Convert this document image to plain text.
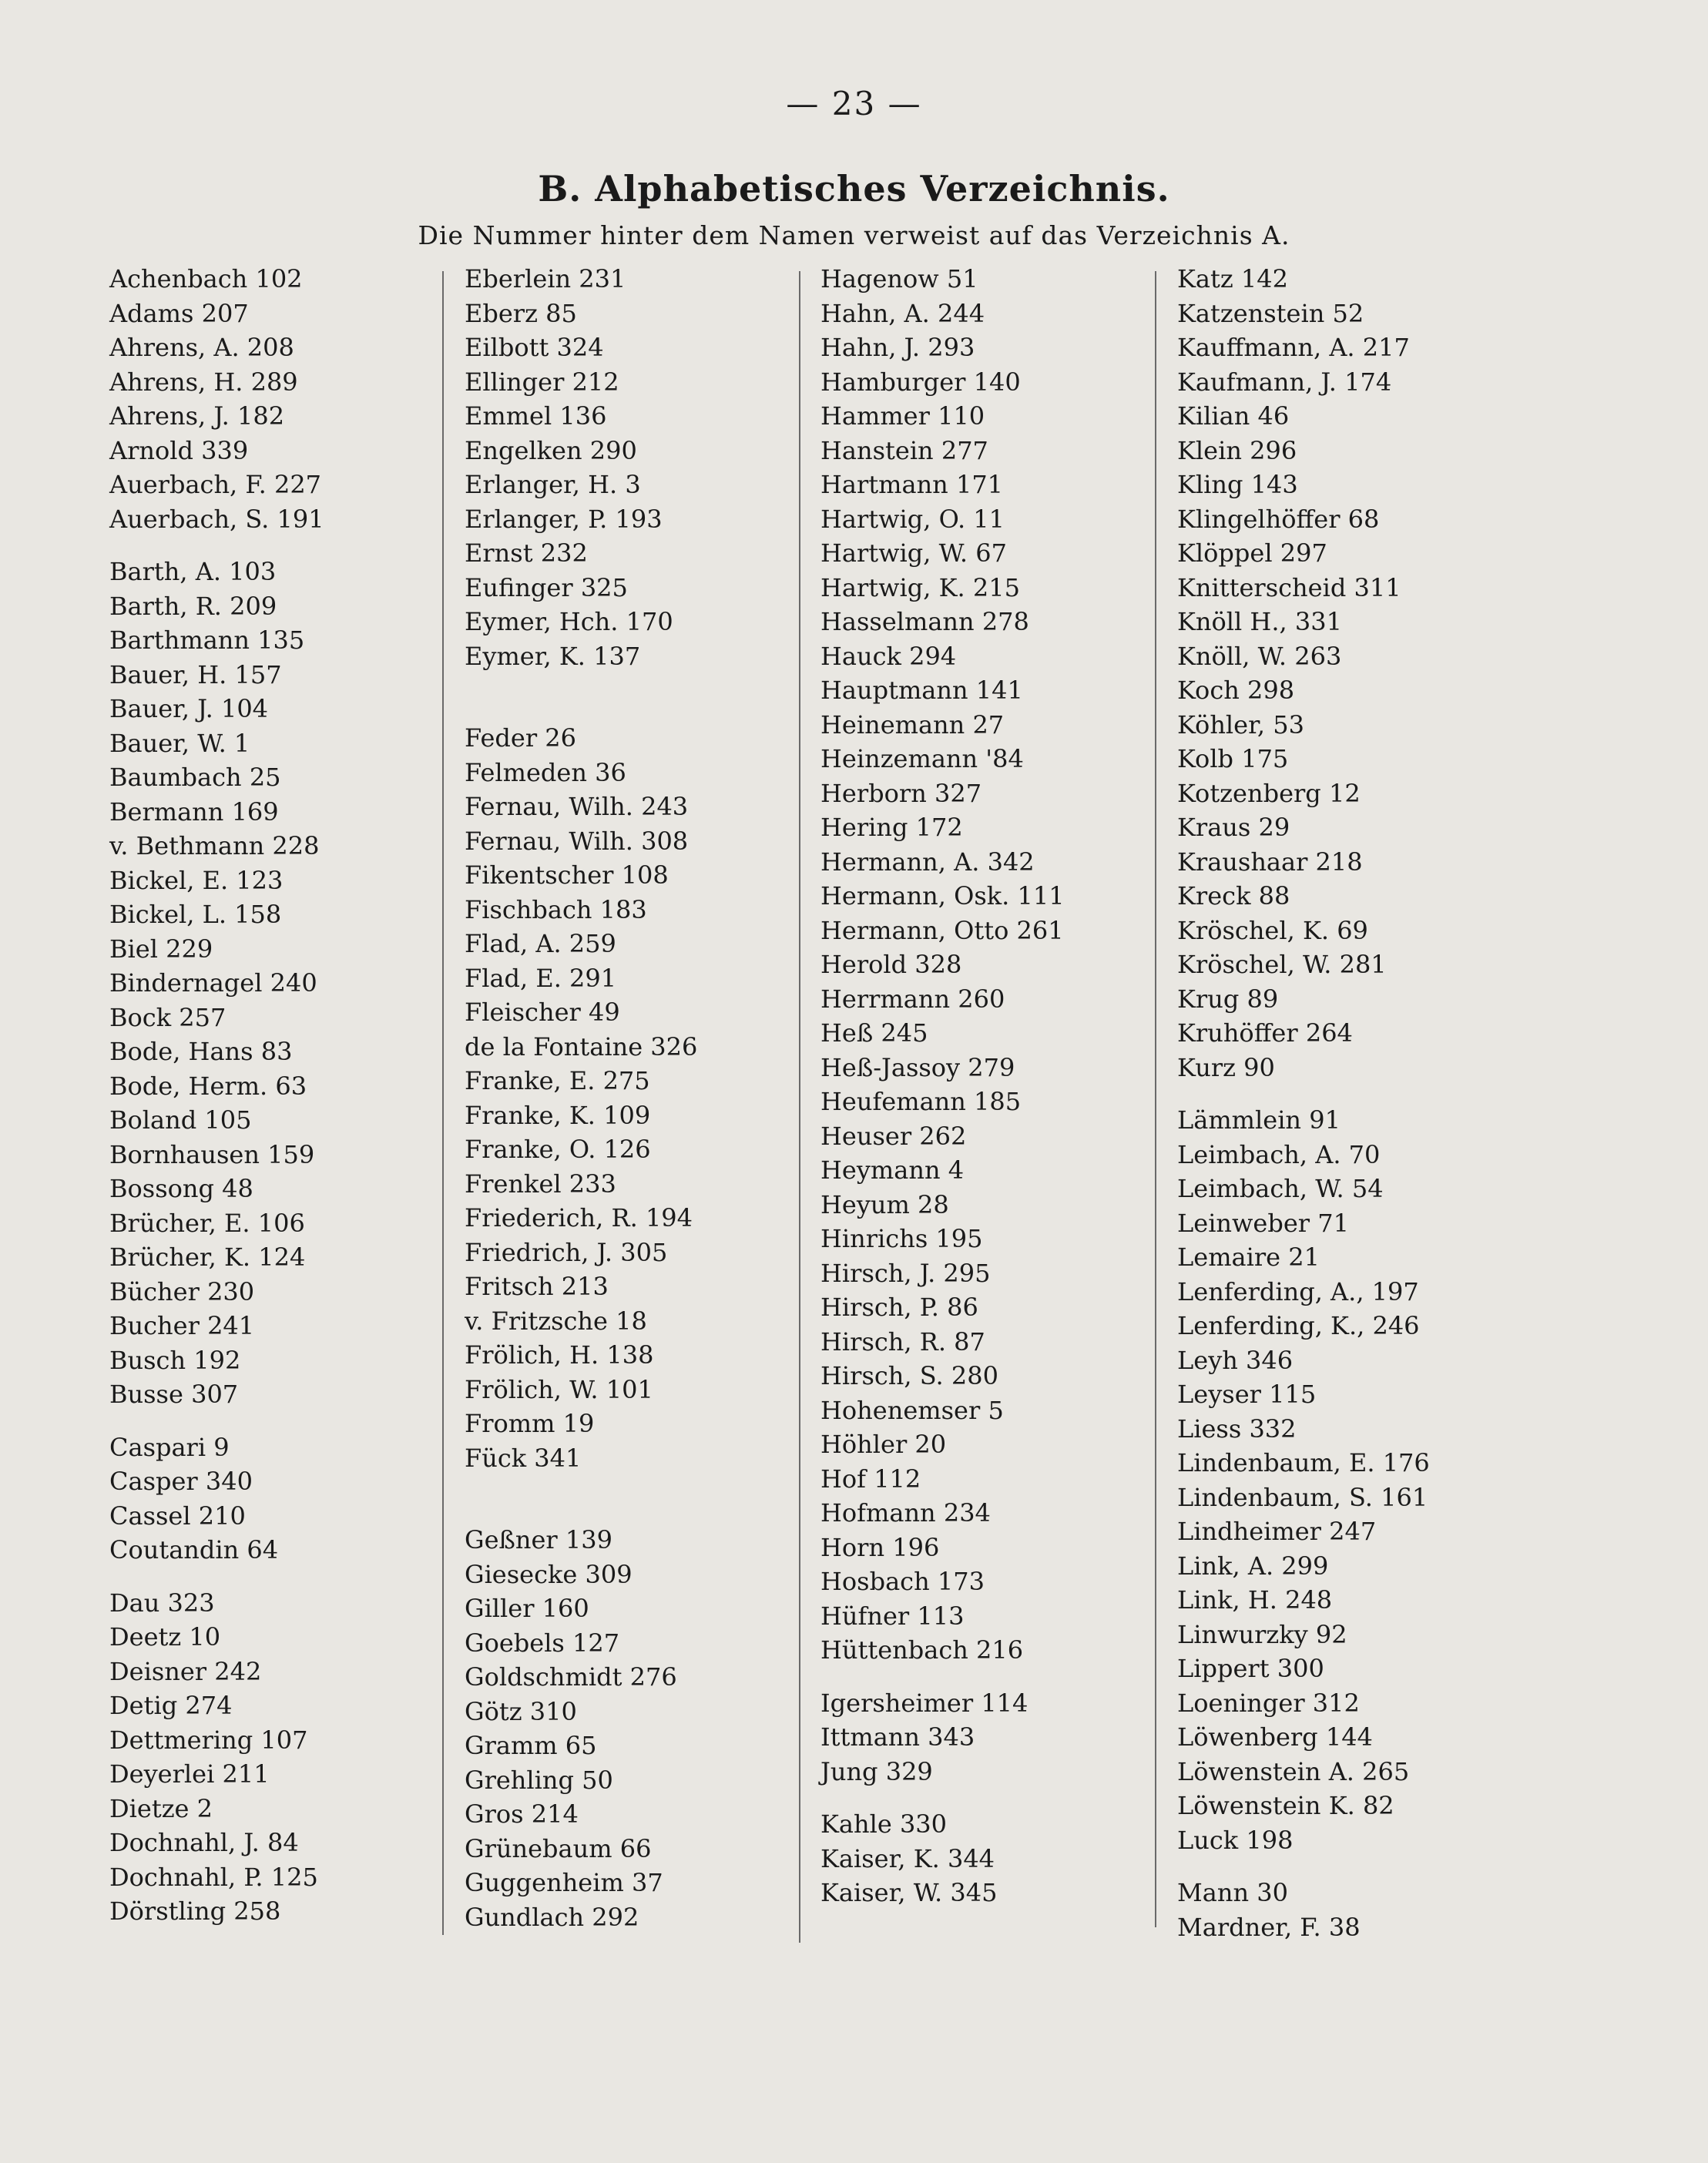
— 23 —
B. Alphabetisches Verzeichnis.
Die Nummer hinter dem Namen verweist auf das Verzeichnis A.
Achenbach 102
Adams 207
Ahrens, A. 208
Ahrens, H. 289
Ahrens, J. 182
Arnold 339
Auerbach, F. 227
Auerbach, S. 191
Barth, A. 103
Barth, R. 209
Barthmann 135
Bauer, H. 157
Bauer, J. 104
Bauer, W. 1
Baumbach 25
Bermann 169
v. Bethmann 228
Bickel, E. 123
Bickel, L. 158
Biel 229
Bindernagel 240
Bock 257
Bode, Hans 83
Bode, Herm. 63
Boland 105
Bornhausen 159
Bossong 48
Brücher, E. 106
Brücher, K. 124
Bücher 230
Bucher 241
Busch 192
Busse 307
Caspari 9
Casper 340
Cassel 210
Coutandin 64
Dau 323
Deetz 10
Deisner 242
Detig 274
Dettmering 107
Deyerlei 211
Dietze 2
Dochnahl, J. 84
Dochnahl, P. 125
Dörstling 258
Eberlein 231
Eberz 85
Eilbott 324
Ellinger 212
Emmel 136
Engelken 290
Erlanger, H. 3
Erlanger, P. 193
Ernst 232
Eufinger 325
Eymer, Hch. 170
Eymer, K. 137
Feder 26
Felmeden 36
Fernau, Wilh. 243
Fernau, Wilh. 308
Fikentscher 108
Fischbach 183
Flad, A. 259
Flad, E. 291
Fleischer 49
de la Fontaine 326
Franke, E. 275
Franke, K. 109
Franke, O. 126
Frenkel 233
Friederich, R. 194
Friedrich, J. 305
Fritsch 213
v. Fritzsche 18
Frölich, H. 138
Frölich, W. 101
Fromm 19
Fück 341
Geßner 139
Giesecke 309
Giller 160
Goebels 127
Goldschmidt 276
Götz 310
Gramm 65
Grehling 50
Gros 214
Grünebaum 66
Guggenheim 37
Gundlach 292
Hagenow 51
Hahn, A. 244
Hahn, J. 293
Hamburger 140
Hammer 110
Hanstein 277
Hartmann 171
Hartwig, O. 11
Hartwig, W. 67
Hartwig, K. 215
Hasselmann 278
Hauck 294
Hauptmann 141
Heinemann 27
Heinzemann '84
Herborn 327
Hering 172
Hermann, A. 342
Hermann, Osk. 111
Hermann, Otto 261
Herold 328
Herrmann 260
Heß 245
Heß-Jassoy 279
Heufemann 185
Heuser 262
Heymann 4
Heyum 28
Hinrichs 195
Hirsch, J. 295
Hirsch, P. 86
Hirsch, R. 87
Hirsch, S. 280
Hohenemser 5
Höhler 20
Hof 112
Hofmann 234
Horn 196
Hosbach 173
Hüfner 113
Hüttenbach 216
Igersheimer 114
Ittmann 343
Jung 329
Kahle 330
Kaiser, K. 344
Kaiser, W. 345
Katz 142
Katzenstein 52
Kauffmann, A. 217
Kaufmann, J. 174
Kilian 46
Klein 296
Kling 143
Klingelhöffer 68
Klöppel 297
Knitterscheid 311
Knöll H., 331
Knöll, W. 263
Koch 298
Köhler, 53
Kolb 175
Kotzenberg 12
Kraus 29
Kraushaar 218
Kreck 88
Kröschel, K. 69
Kröschel, W. 281
Krug 89
Kruhöffer 264
Kurz 90
Lämmlein 91
Leimbach, A. 70
Leimbach, W. 54
Leinweber 71
Lemaire 21
Lenferding, A., 197
Lenferding, K., 246
Leyh 346
Leyser 115
Liess 332
Lindenbaum, E. 176
Lindenbaum, S. 161
Lindheimer 247
Link, A. 299
Link, H. 248
Linwurzky 92
Lippert 300
Loeninger 312
Löwenberg 144
Löwenstein A. 265
Löwenstein K. 82
Luck 198
Mann 30
Mardner, F. 38
